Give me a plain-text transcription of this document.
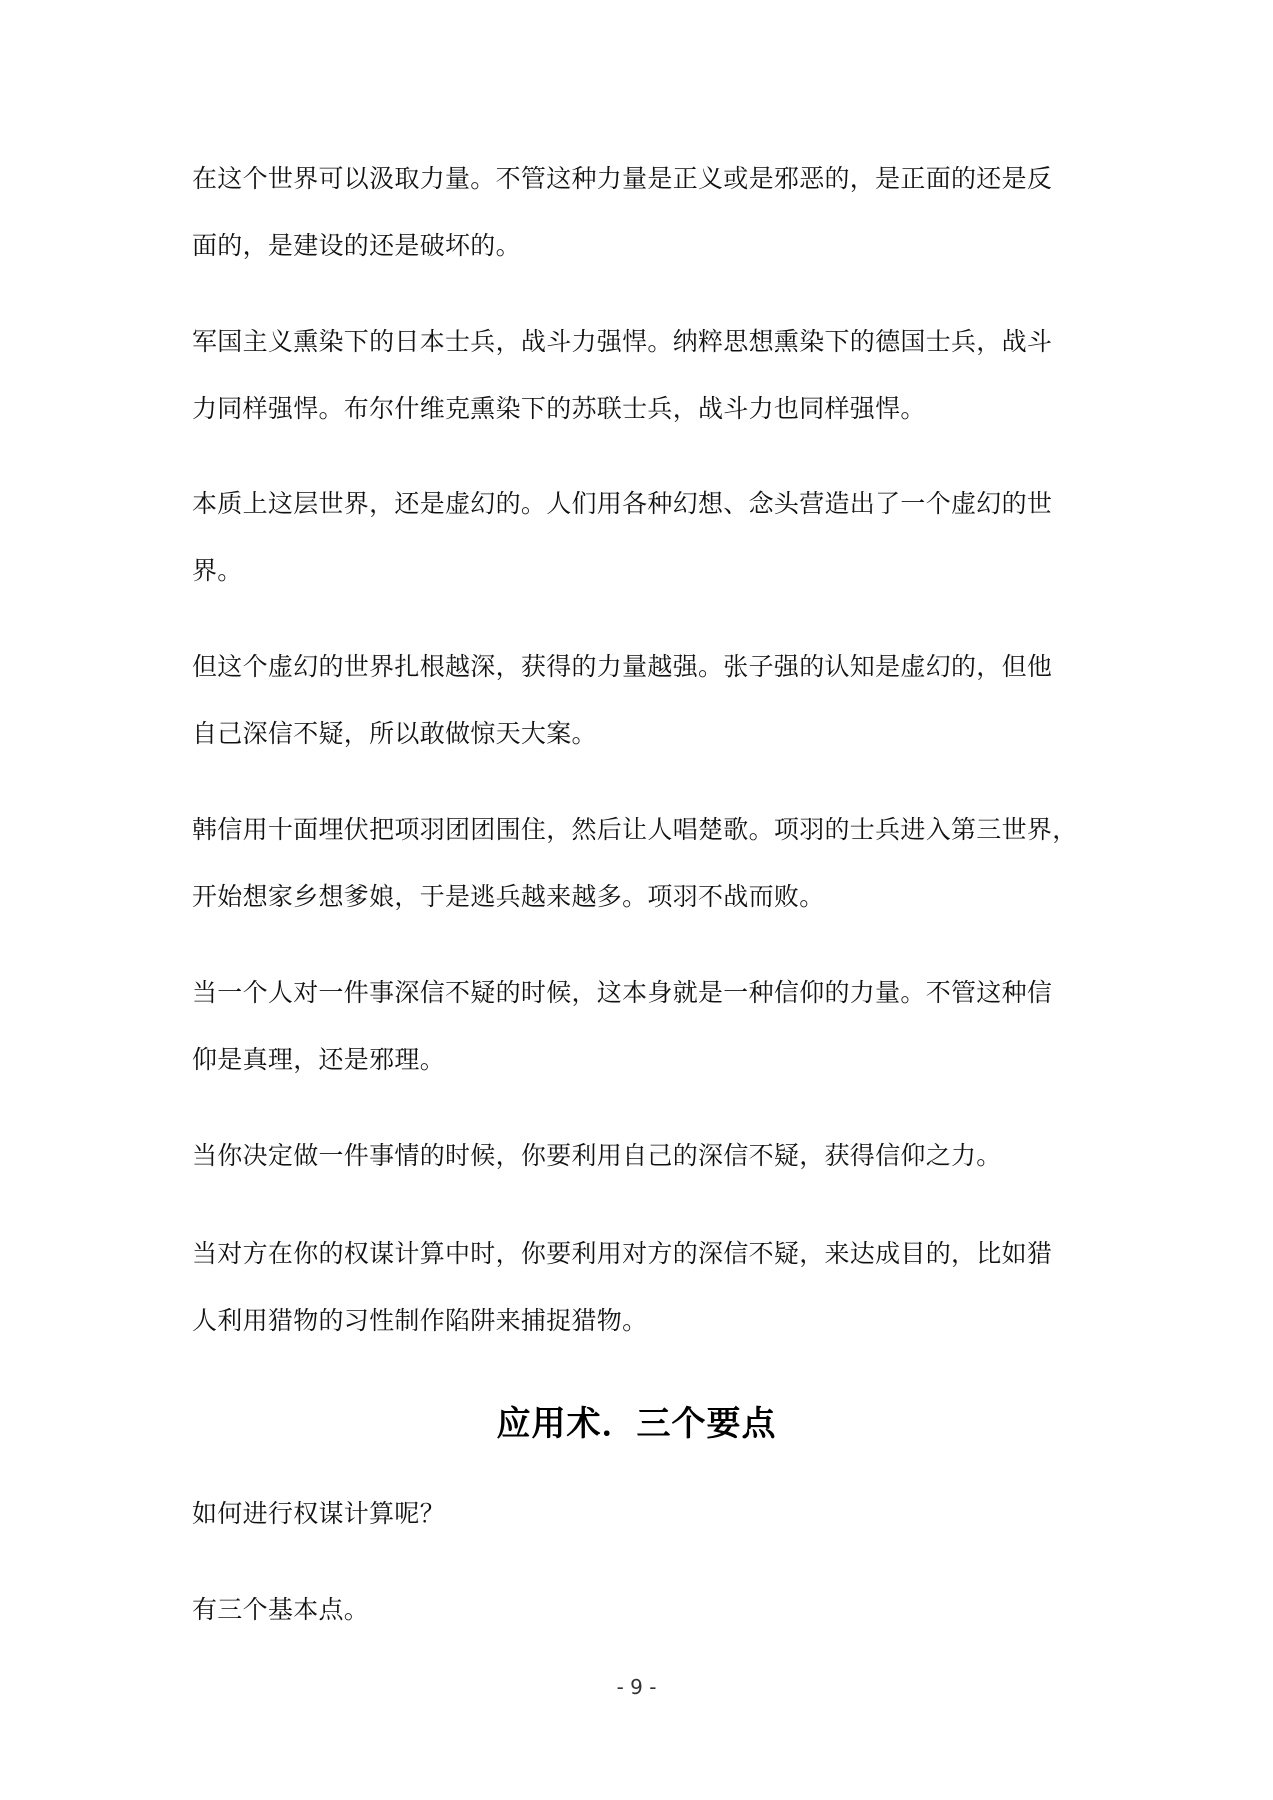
在这个世界可以汲取力量。不管这种力量是正义或是邪恶的，是正面的还是反
面的，是建设的还是破坏的。

军国主义熏染下的日本士兵，战斗力强悍。纳粹思想熏染下的德国士兵，战斗
力同样强悍。布尔什维克熏染下的苏联士兵，战斗力也同样强悍。

本质上这层世界，还是虚幻的。人们用各种幻想、念头营造出了一个虚幻的世
界。

但这个虚幻的世界扎根越深，获得的力量越强。张子强的认知是虚幻的，但他
自己深信不疑，所以敢做惊天大案。

韩信用十面埋伏把项羽团团围住，然后让人唱楚歌。项羽的士兵进入第三世界，
开始想家乡想爹娘，于是逃兵越来越多。项羽不战而败。

当一个人对一件事深信不疑的时候，这本身就是一种信仰的力量。不管这种信
仰是真理，还是邪理。

当你决定做一件事情的时候，你要利用自己的深信不疑，获得信仰之力。

当对方在你的权谋计算中时，你要利用对方的深信不疑，来达成目的，比如猎
人利用猎物的习性制作陷阱来捕捉猎物。

应用术．三个要点

如何进行权谋计算呢？

有三个基本点。

- 9 -
